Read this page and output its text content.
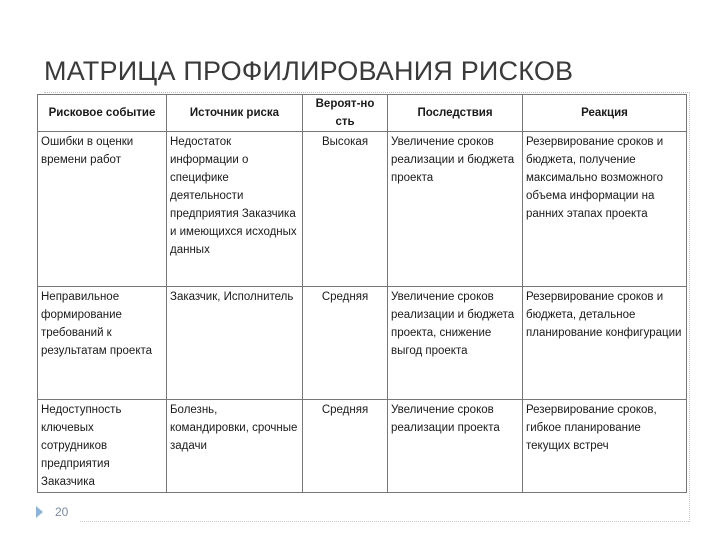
МАТРИЦА ПРОФИЛИРОВАНИЯ РИСКОВ
Рисковое событие	Источник риска	Вероят-но сть	Последствия	Реакция
Ошибки в оценки времени работ	Недостаток информации о специфике деятельности предприятия Заказчика и имеющихся исходных данных	Высокая	Увеличение сроков реализации и бюджета проекта	Резервирование сроков и бюджета, получение максимально возможного объема информации на ранних этапах проекта
Неправильное формирование требований к результатам проекта	Заказчик, Исполнитель	Средняя	Увеличение сроков реализации и бюджета проекта, снижение выгод проекта	Резервирование сроков и бюджета, детальное планирование конфигурации
Недоступность ключевых сотрудников предприятия Заказчика	Болезнь, командировки, срочные задачи	Средняя	Увеличение сроков реализации проекта	Резервирование сроков, гибкое планирование текущих встреч
20
